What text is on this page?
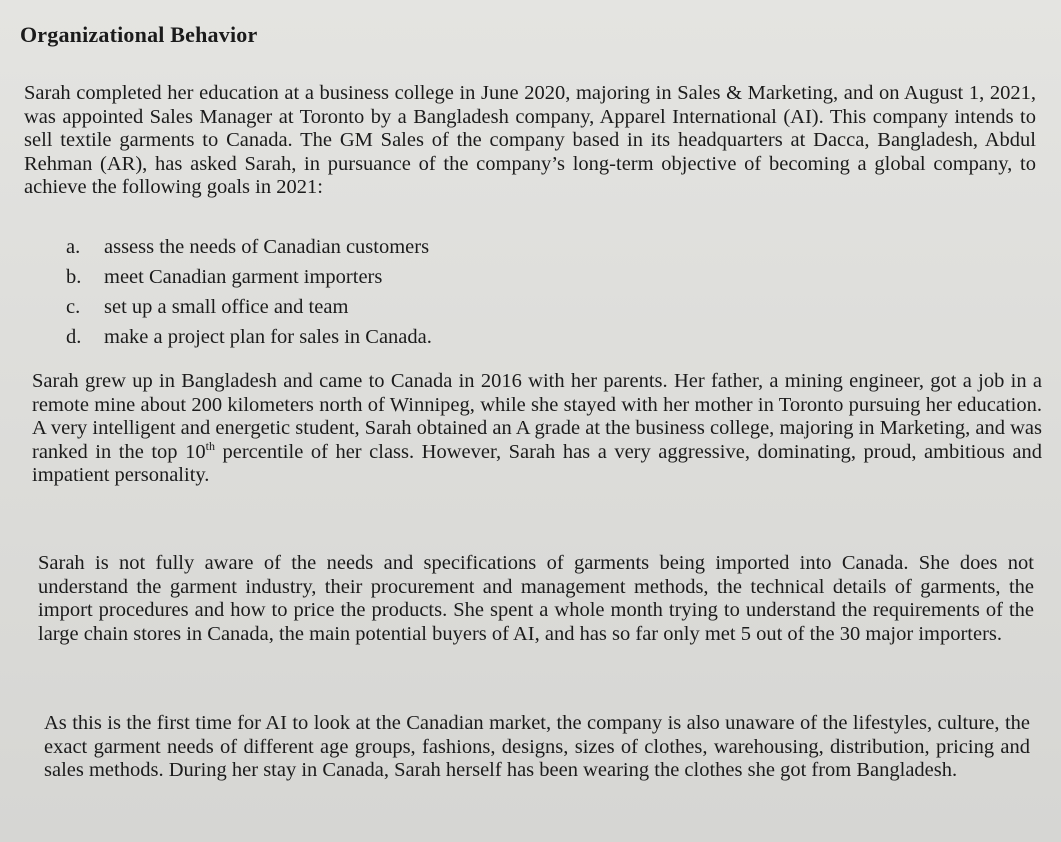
Organizational Behavior

Sarah completed her education at a business college in June 2020, majoring in Sales & Marketing, and on August 1, 2021, was appointed Sales Manager at Toronto by a Bangladesh company, Apparel International (AI). This company intends to sell textile garments to Canada. The GM Sales of the company based in its headquarters at Dacca, Bangladesh, Abdul Rehman (AR), has asked Sarah, in pursuance of the company’s long-term objective of becoming a global company, to achieve the following goals in 2021:

a.	assess the needs of Canadian customers
b.	meet Canadian garment importers
c.	set up a small office and team
d.	make a project plan for sales in Canada.

Sarah grew up in Bangladesh and came to Canada in 2016 with her parents. Her father, a mining engineer, got a job in a remote mine about 200 kilometers north of Winnipeg, while she stayed with her mother in Toronto pursuing her education. A very intelligent and energetic student, Sarah obtained an A grade at the business college, majoring in Marketing, and was ranked in the top 10th percentile of her class. However, Sarah has a very aggressive, dominating, proud, ambitious and impatient personality.

Sarah is not fully aware of the needs and specifications of garments being imported into Canada. She does not understand the garment industry, their procurement and management methods, the technical details of garments, the import procedures and how to price the products. She spent a whole month trying to understand the requirements of the large chain stores in Canada, the main potential buyers of AI, and has so far only met 5 out of the 30 major importers.

As this is the first time for AI to look at the Canadian market, the company is also unaware of the lifestyles, culture, the exact garment needs of different age groups, fashions, designs, sizes of clothes, warehousing, distribution, pricing and sales methods. During her stay in Canada, Sarah herself has been wearing the clothes she got from Bangladesh.
